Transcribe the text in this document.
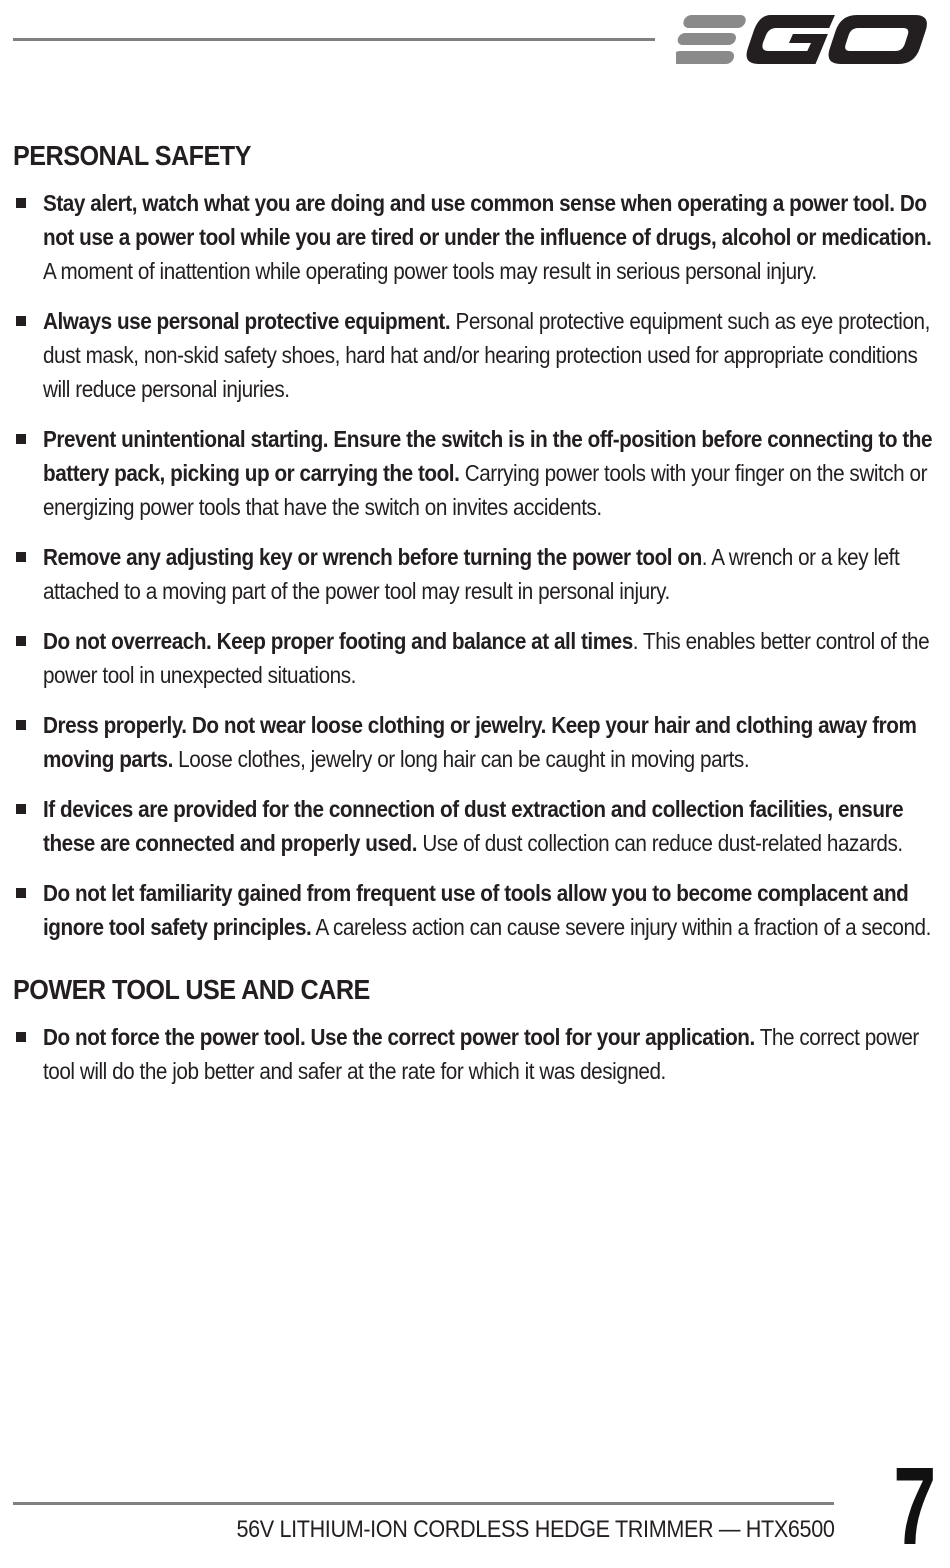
PERSONAL SAFETY
Stay alert, watch what you are doing and use common sense when operating a power tool. Do not use a power tool while you are tired or under the influence of drugs, alcohol or medication. A moment of inattention while operating power tools may result in serious personal injury.
Always use personal protective equipment. Personal protective equipment such as eye protection, dust mask, non-skid safety shoes, hard hat and/or hearing protection used for appropriate conditions will reduce personal injuries.
Prevent unintentional starting. Ensure the switch is in the off-position before connecting to the battery pack, picking up or carrying the tool. Carrying power tools with your finger on the switch or energizing power tools that have the switch on invites accidents.
Remove any adjusting key or wrench before turning the power tool on. A wrench or a key left attached to a moving part of the power tool may result in personal injury.
Do not overreach. Keep proper footing and balance at all times. This enables better control of the power tool in unexpected situations.
Dress properly. Do not wear loose clothing or jewelry. Keep your hair and clothing away from moving parts. Loose clothes, jewelry or long hair can be caught in moving parts.
If devices are provided for the connection of dust extraction and collection facilities, ensure these are connected and properly used. Use of dust collection can reduce dust-related hazards.
Do not let familiarity gained from frequent use of tools allow you to become complacent and ignore tool safety principles. A careless action can cause severe injury within a fraction of a second.
POWER TOOL USE AND CARE
Do not force the power tool. Use the correct power tool for your application. The correct power tool will do the job better and safer at the rate for which it was designed.
56V LITHIUM-ION CORDLESS HEDGE TRIMMER — HTX6500 7
